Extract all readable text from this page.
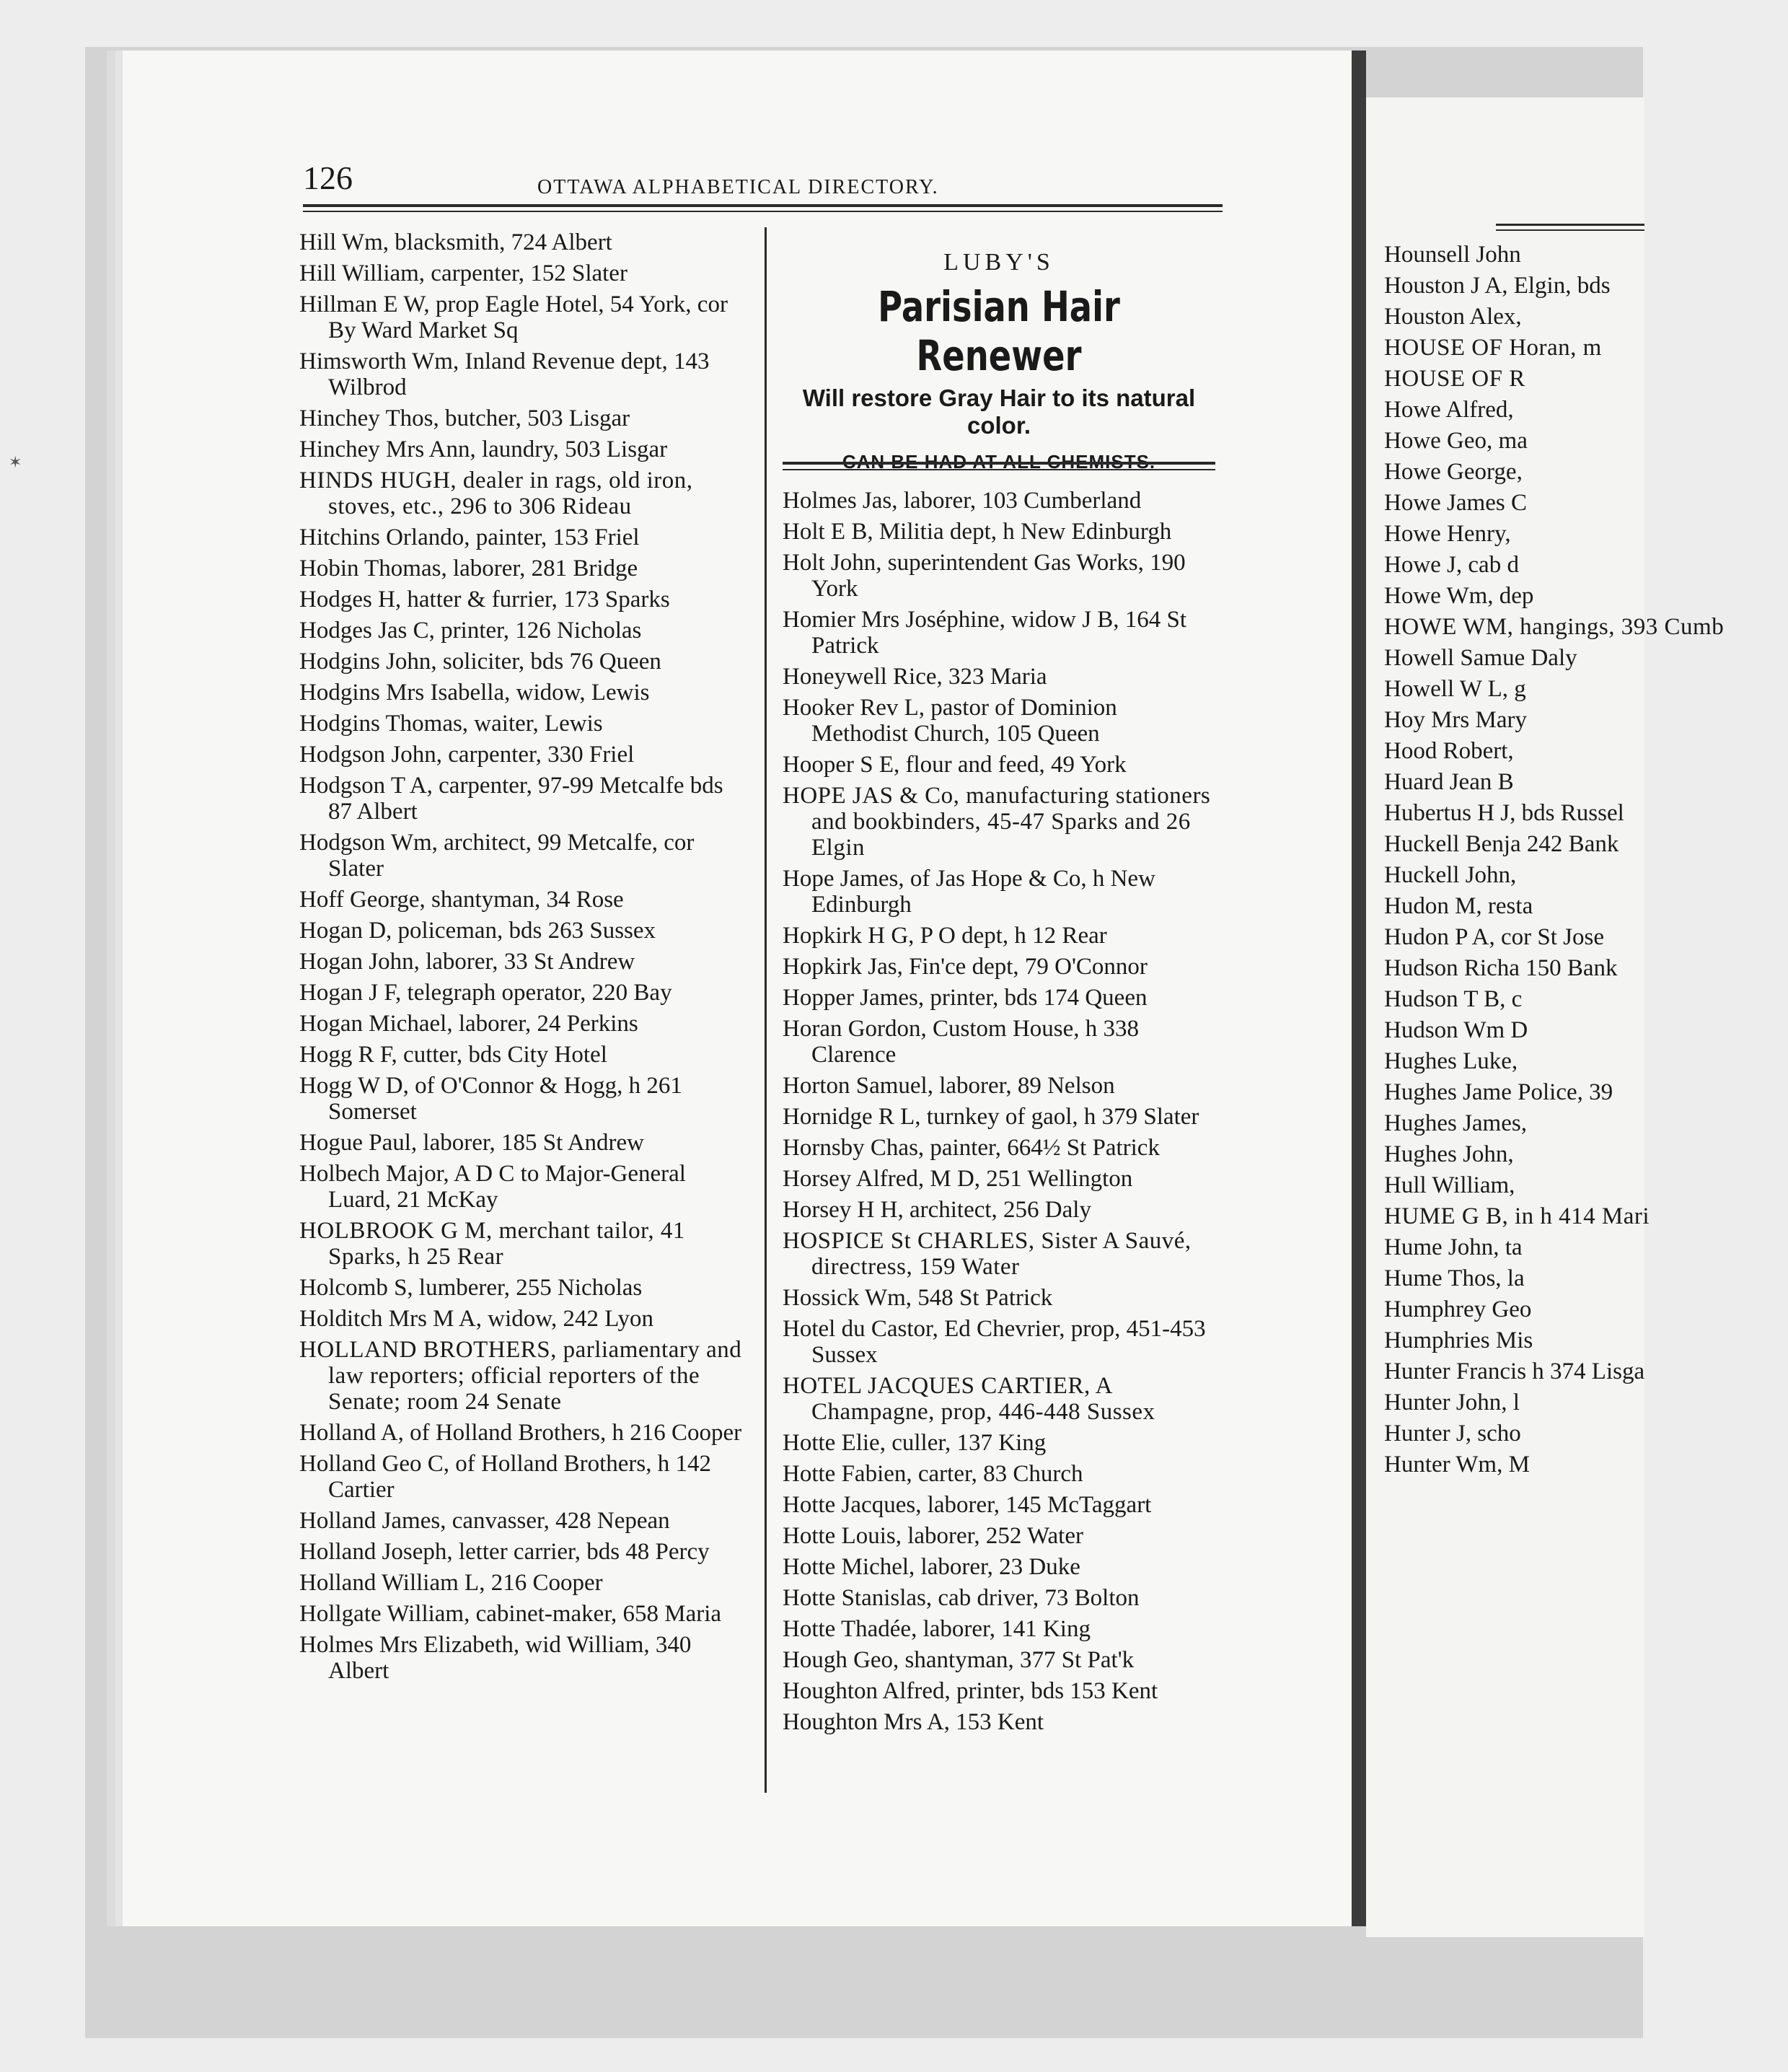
Hounsell John
Houston J A, Elgin, bds
Houston Alex,
HOUSE OF Horan, m
HOUSE OF R
Howe Alfred,
Howe Geo, ma
Howe George,
Howe James C
Howe Henry,
Howe J, cab d
Howe Wm, dep
HOWE WM, hangings, 393 Cumb
Howell Samue Daly
Howell W L, g
Hoy Mrs Mary
Hood Robert,
Huard Jean B
Hubertus H J, bds Russel
Huckell Benja 242 Bank
Huckell John,
Hudon M, resta
Hudon P A, cor St Jose
Hudson Richa 150 Bank
Hudson T B, c
Hudson Wm D
Hughes Luke,
Hughes Jame Police, 39
Hughes James,
Hughes John,
Hull William,
HUME G B, in h 414 Mari
Hume John, ta
Hume Thos, la
Humphrey Geo
Humphries Mis
Hunter Francis h 374 Lisga
Hunter John, l
Hunter J, scho
Hunter Wm, M
✶
126	OTTAWA ALPHABETICAL DIRECTORY.
LUBY'S
Parisian Hair Renewer
Will restore Gray Hair to its natural color.
Hill Wm, blacksmith, 724 Albert
Hill William, carpenter, 152 Slater
Hillman E W, prop Eagle Hotel, 54 York, cor By Ward Market Sq
Himsworth Wm, Inland Revenue dept, 143 Wilbrod
Hinchey Thos, butcher, 503 Lisgar
Hinchey Mrs Ann, laundry, 503 Lisgar
HINDS HUGH, dealer in rags, old iron, stoves, etc., 296 to 306 Rideau
Hitchins Orlando, painter, 153 Friel
Hobin Thomas, laborer, 281 Bridge
Hodges H, hatter & furrier, 173 Sparks
Hodges Jas C, printer, 126 Nicholas
Hodgins John, soliciter, bds 76 Queen
Hodgins Mrs Isabella, widow, Lewis
Hodgins Thomas, waiter, Lewis
Hodgson John, carpenter, 330 Friel
Hodgson T A, carpenter, 97-99 Metcalfe bds 87 Albert
Hodgson Wm, architect, 99 Metcalfe, cor Slater
Hoff George, shantyman, 34 Rose
Hogan D, policeman, bds 263 Sussex
Hogan John, laborer, 33 St Andrew
Hogan J F, telegraph operator, 220 Bay
Hogan Michael, laborer, 24 Perkins
Hogg R F, cutter, bds City Hotel
Hogg W D, of O'Connor & Hogg, h 261 Somerset
Hogue Paul, laborer, 185 St Andrew
Holbech Major, A D C to Major-General Luard, 21 McKay
HOLBROOK G M, merchant tailor, 41 Sparks, h 25 Rear
Holcomb S, lumberer, 255 Nicholas
Holditch Mrs M A, widow, 242 Lyon
HOLLAND BROTHERS, parliamentary and law reporters; official reporters of the Senate; room 24 Senate
Holland A, of Holland Brothers, h 216 Cooper
Holland Geo C, of Holland Brothers, h 142 Cartier
Holland James, canvasser, 428 Nepean
Holland Joseph, letter carrier, bds 48 Percy
Holland William L, 216 Cooper
Hollgate William, cabinet-maker, 658 Maria
Holmes Mrs Elizabeth, wid William, 340 Albert
Holmes Jas, laborer, 103 Cumberland
Holt E B, Militia dept, h New Edinburgh
Holt John, superintendent Gas Works, 190 York
Homier Mrs Joséphine, widow J B, 164 St Patrick
Honeywell Rice, 323 Maria
Hooker Rev L, pastor of Dominion Methodist Church, 105 Queen
Hooper S E, flour and feed, 49 York
HOPE JAS & Co, manufacturing stationers and bookbinders, 45-47 Sparks and 26 Elgin
Hope James, of Jas Hope & Co, h New Edinburgh
Hopkirk H G, P O dept, h 12 Rear
Hopkirk Jas, Fin'ce dept, 79 O'Connor
Hopper James, printer, bds 174 Queen
Horan Gordon, Custom House, h 338 Clarence
Horton Samuel, laborer, 89 Nelson
Hornidge R L, turnkey of gaol, h 379 Slater
Hornsby Chas, painter, 664½ St Patrick
Horsey Alfred, M D, 251 Wellington
Horsey H H, architect, 256 Daly
HOSPICE St CHARLES, Sister A Sauvé, directress, 159 Water
Hossick Wm, 548 St Patrick
Hotel du Castor, Ed Chevrier, prop, 451-453 Sussex
HOTEL JACQUES CARTIER, A Champagne, prop, 446-448 Sussex
Hotte Elie, culler, 137 King
Hotte Fabien, carter, 83 Church
Hotte Jacques, laborer, 145 McTaggart
Hotte Louis, laborer, 252 Water
Hotte Michel, laborer, 23 Duke
Hotte Stanislas, cab driver, 73 Bolton
Hotte Thadée, laborer, 141 King
Hough Geo, shantyman, 377 St Pat'k
Houghton Alfred, printer, bds 153 Kent
Houghton Mrs A, 153 Kent
